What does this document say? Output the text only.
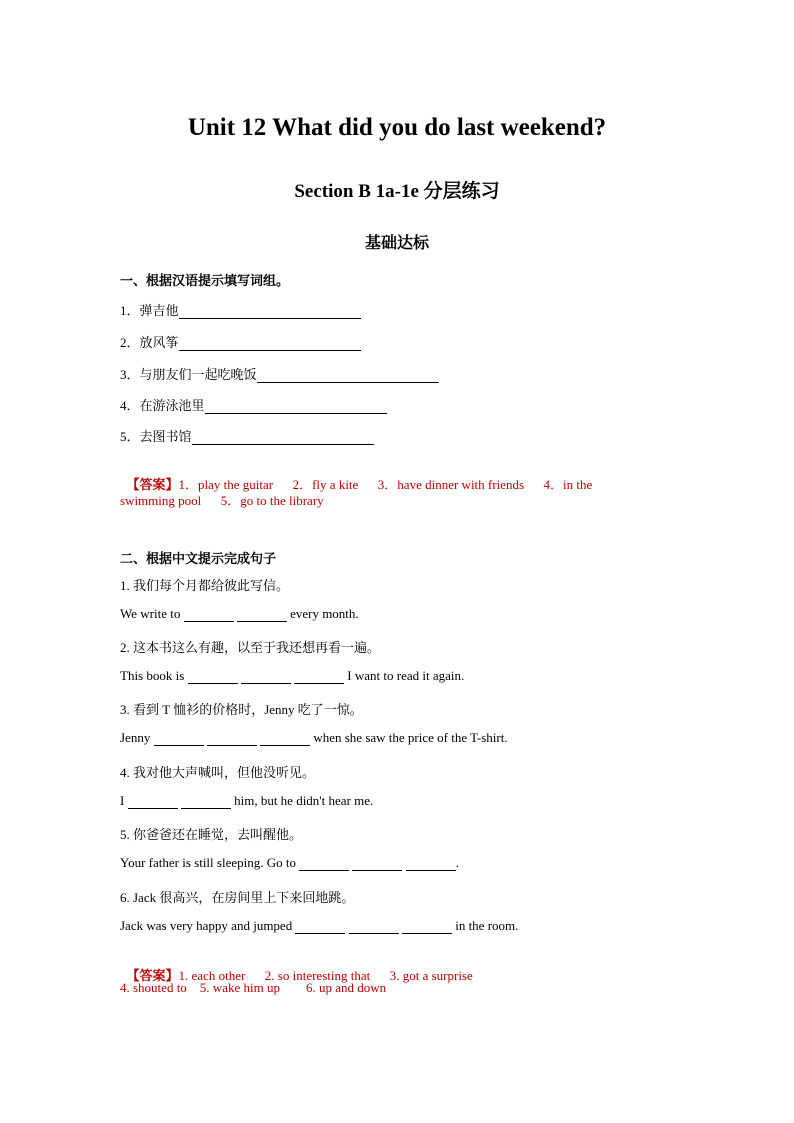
Unit 12 What did you do last weekend?
Section B 1a-1e 分层练习
基础达标
一、根据汉语提示填写词组。
1．弹吉他
2．放风筝
3．与朋友们一起吃晚饭
4．在游泳池里
5．去图书馆

【答案】1．play the guitar      2．fly a kite      3．have dinner with friends      4．in the

swimming pool      5．go to the library
二、根据中文提示完成句子
1. 我们每个月都给彼此写信。
We write to	every month.
2. 这本书这么有趣，以至于我还想再看一遍。
This book is	I want to read it again.
3. 看到 T 恤衫的价格时，Jenny 吃了一惊。
Jenny	when she saw the price of the T-shirt.
4. 我对他大声喊叫，但他没听见。
I	him, but he didn't hear me.
5. 你爸爸还在睡觉，去叫醒他。
Your father is still sleeping. Go to	.
6. Jack 很高兴，在房间里上下来回地跳。
Jack was very happy and jumped	in the room.

【答案】1. each other      2. so interesting that      3. got a surprise

4. shouted to    5. wake him up        6. up and down
